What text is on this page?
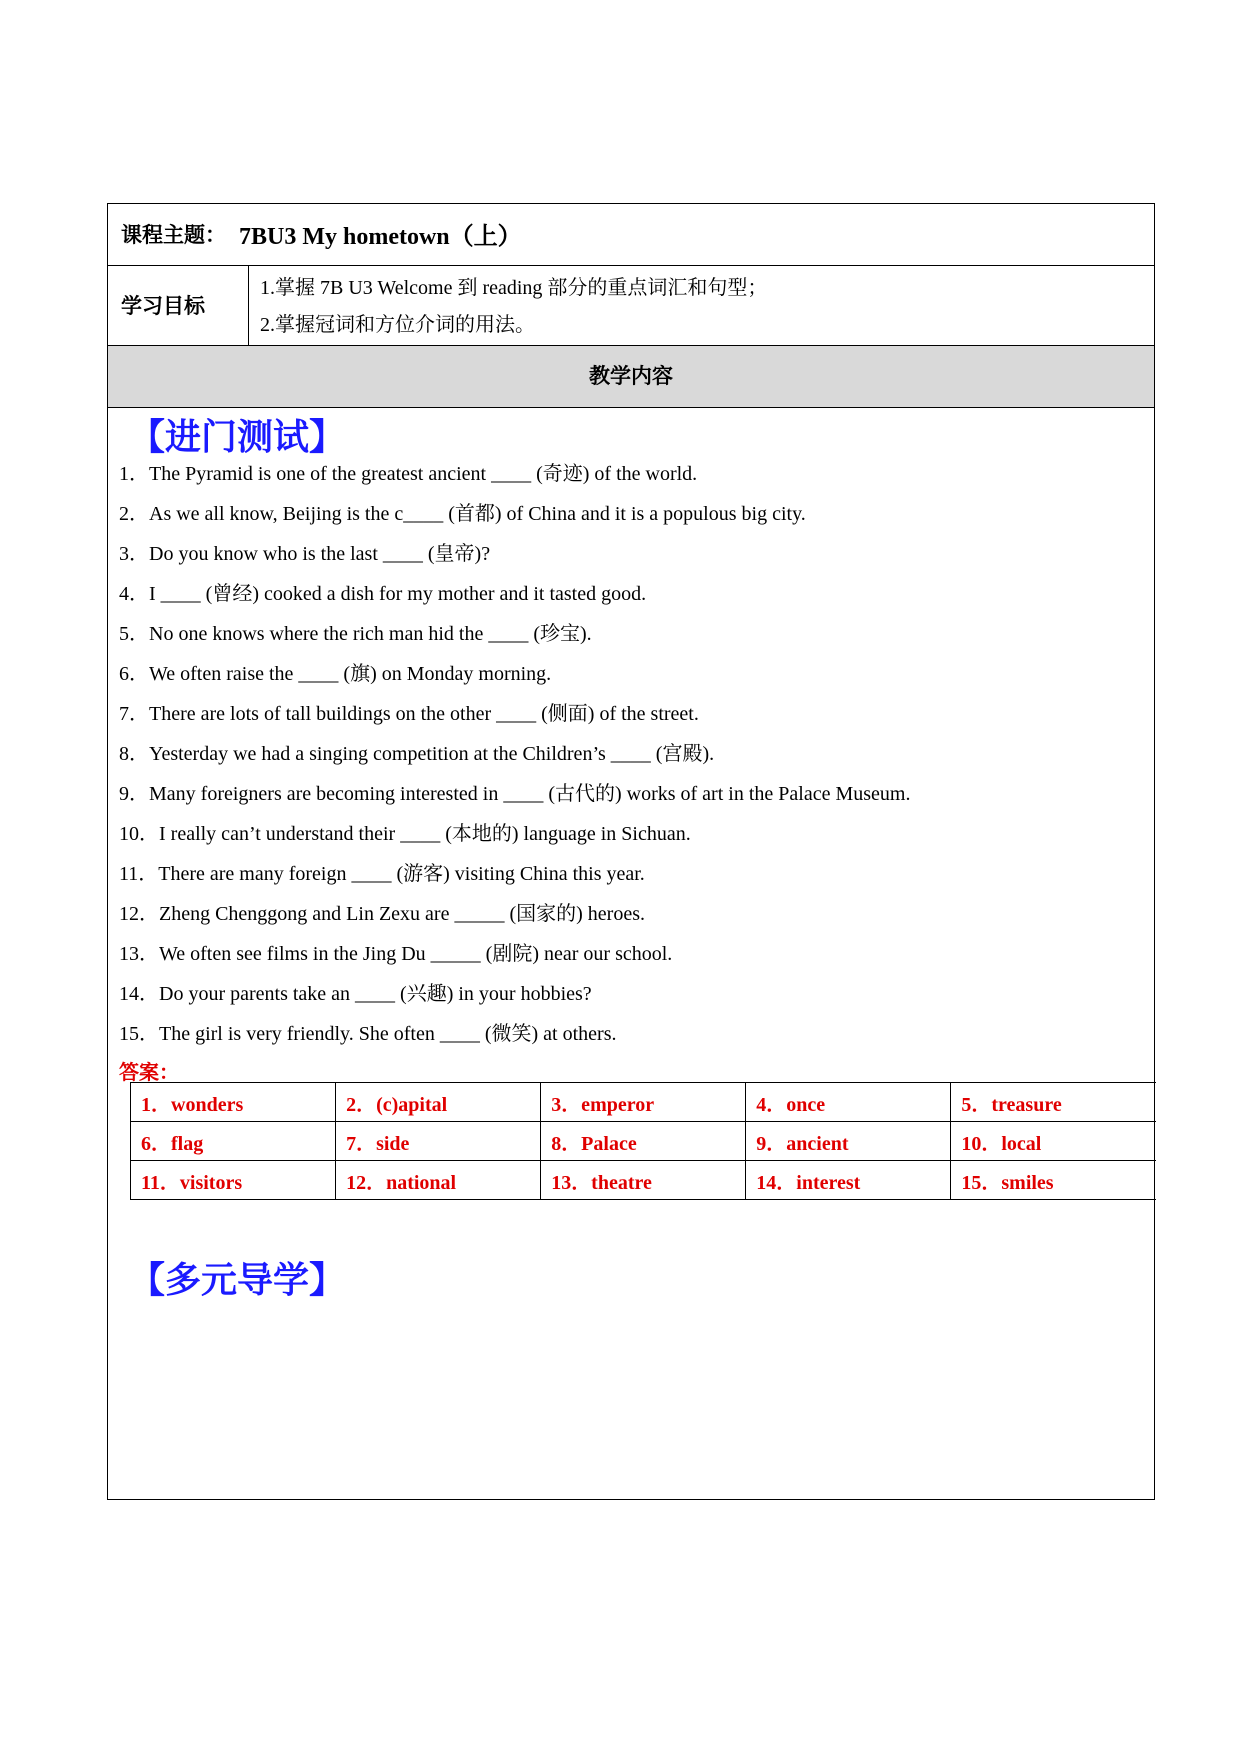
课程主题： 7BU3 My hometown（上）
学习目标
1.掌握 7B U3 Welcome 到 reading 部分的重点词汇和句型；
2.掌握冠词和方位介词的用法。
教学内容
【进门测试】
1．The Pyramid is one of the greatest ancient ____ (奇迹) of the world.
2．As we all know, Beijing is the c____ (首都) of China and it is a populous big city.
3．Do you know who is the last ____ (皇帝)?
4．I ____ (曾经) cooked a dish for my mother and it tasted good.
5．No one knows where the rich man hid the ____ (珍宝).
6．We often raise the ____ (旗) on Monday morning.
7．There are lots of tall buildings on the other ____ (侧面) of the street.
8．Yesterday we had a singing competition at the Children’s ____ (宫殿).
9．Many foreigners are becoming interested in ____ (古代的) works of art in the Palace Museum.
10．I really can’t understand their ____ (本地的) language in Sichuan.
11．There are many foreign ____ (游客) visiting China this year.
12．Zheng Chenggong and Lin Zexu are _____ (国家的) heroes.
13．We often see films in the Jing Du _____ (剧院) near our school.
14．Do your parents take an ____ (兴趣) in your hobbies?
15．The girl is very friendly. She often ____ (微笑) at others.
答案：
1．wonders	2．(c)apital	3．emperor	4．once	5．treasure
6．flag	7．side	8．Palace	9．ancient	10．local
11．visitors	12．national	13．theatre	14．interest	15．smiles
【多元导学】
